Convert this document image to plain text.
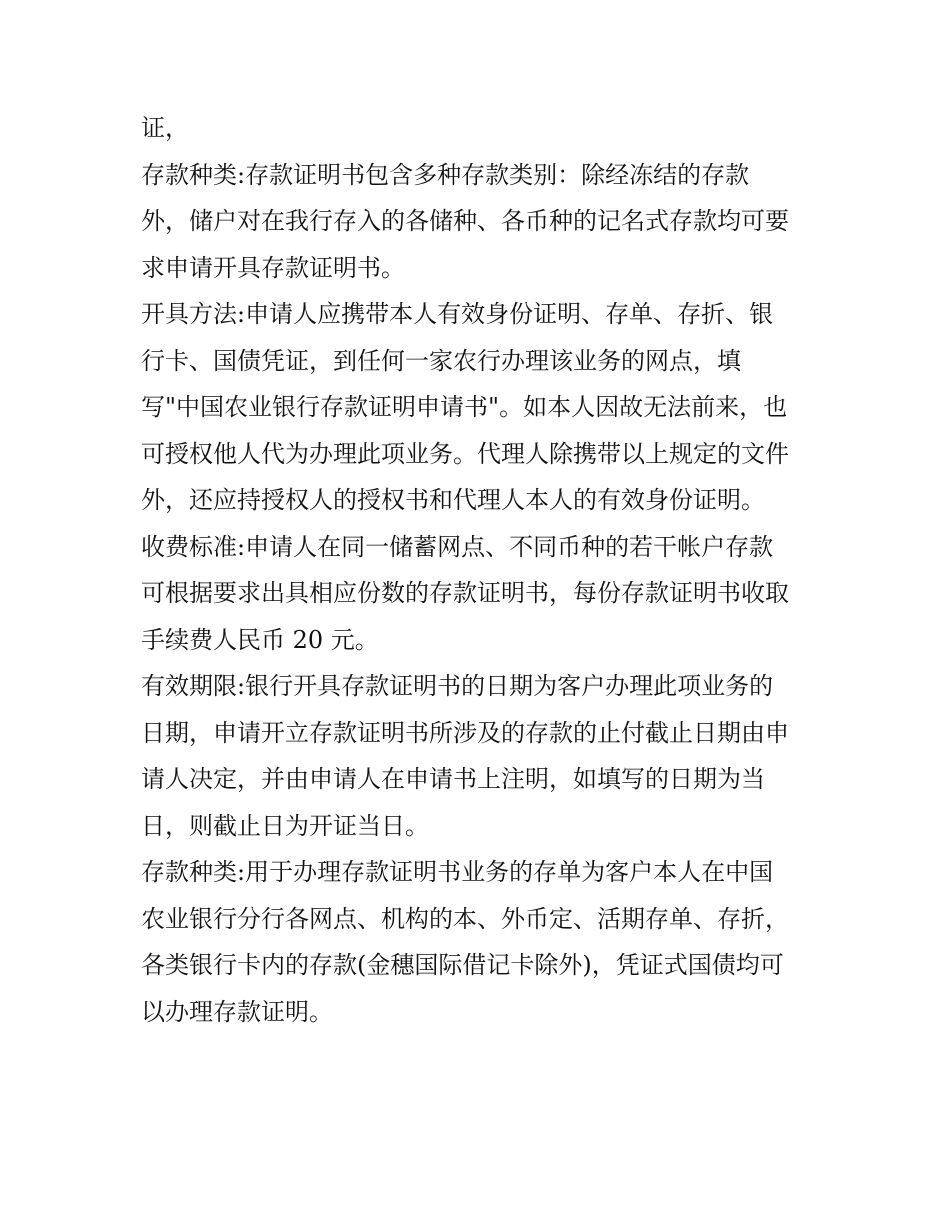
证，
存款种类:存款证明书包含多种存款类别：除经冻结的存款
外，储户对在我行存入的各储种、各币种的记名式存款均可要
求申请开具存款证明书。
开具方法:申请人应携带本人有效身份证明、存单、存折、银
行卡、国债凭证，到任何一家农行办理该业务的网点，填
写"中国农业银行存款证明申请书"。如本人因故无法前来，也
可授权他人代为办理此项业务。代理人除携带以上规定的文件
外，还应持授权人的授权书和代理人本人的有效身份证明。
收费标准:申请人在同一储蓄网点、不同币种的若干帐户存款
可根据要求出具相应份数的存款证明书，每份存款证明书收取
手续费人民币 20 元。
有效期限:银行开具存款证明书的日期为客户办理此项业务的
日期，申请开立存款证明书所涉及的存款的止付截止日期由申
请人决定，并由申请人在申请书上注明，如填写的日期为当
日，则截止日为开证当日。
存款种类:用于办理存款证明书业务的存单为客户本人在中国
农业银行分行各网点、机构的本、外币定、活期存单、存折，
各类银行卡内的存款(金穗国际借记卡除外)，凭证式国债均可
以办理存款证明。
